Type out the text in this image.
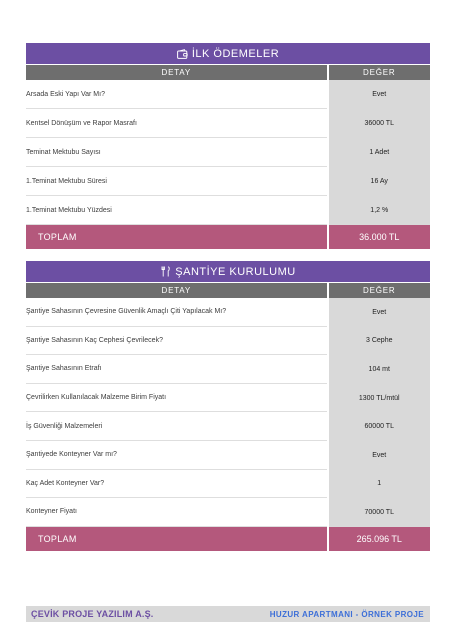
İLK ÖDEMELER
DETAY	DEĞER
Arsada Eski Yapı Var Mı?	Evet
Kentsel Dönüşüm ve Rapor Masrafı	36000 TL
Teminat Mektubu Sayısı	1 Adet
1.Teminat Mektubu Süresi	16 Ay
1.Teminat Mektubu Yüzdesi	1,2 %
TOPLAM	36.000 TL
ŞANTİYE KURULUMU
DETAY	DEĞER
Şantiye Sahasının Çevresine Güvenlik Amaçlı Çiti Yapılacak Mı?	Evet
Şantiye Sahasının Kaç Cephesi Çevrilecek?	3 Cephe
Şantiye Sahasının Etrafı	104 mt
Çevrilirken Kullanılacak Malzeme Birim Fiyatı	1300 TL/mtül
İş Güvenliği Malzemeleri	60000 TL
Şantiyede Konteyner Var mı?	Evet
Kaç Adet Konteyner Var?	1
Konteyner Fiyatı	70000 TL
TOPLAM	265.096 TL
ÇEVİK PROJE YAZILIM A.Ş.	HUZUR APARTMANI - ÖRNEK PROJE
